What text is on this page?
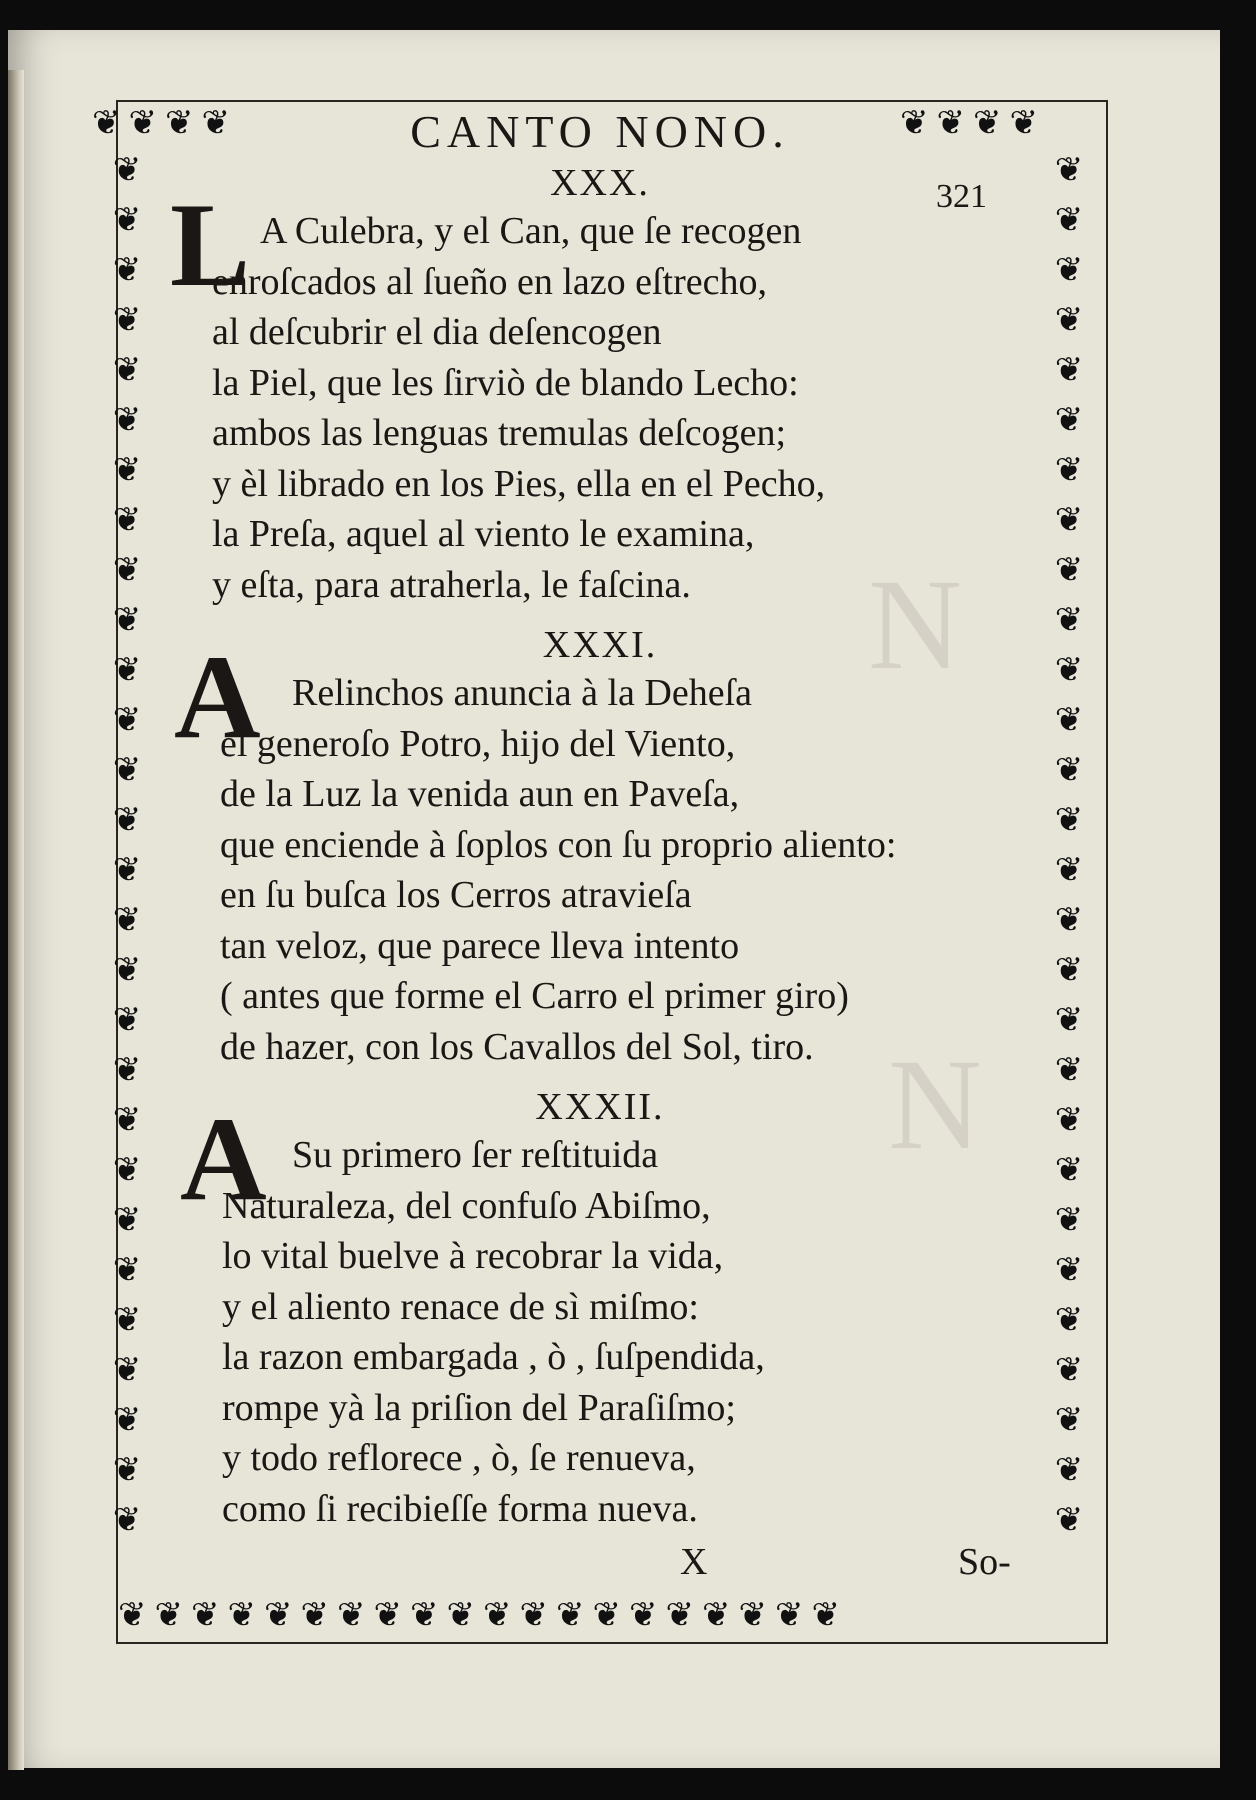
N
N
❦ ❦ ❦ ❦	❦ ❦ ❦ ❦
❦ ❦ ❦ ❦ ❦ ❦ ❦ ❦ ❦ ❦ ❦ ❦ ❦ ❦ ❦ ❦ ❦ ❦ ❦ ❦
❦
❦
❦
❦
❦
❦
❦
❦
❦
❦
❦
❦
❦
❦
❦
❦
❦
❦
❦
❦
❦
❦
❦
❦
❦
❦
❦
❦
❦
❦
❦
❦
❦
❦
❦
❦
❦
❦
❦
❦
❦
❦
❦
❦
❦
❦
❦
❦
❦
❦
❦
❦
❦
❦
❦
❦
CANTO NONO.
321
XXX.
L A Culebra, y el Can, que ſe recogen
enroſcados al ſueño en lazo eſtrecho,
al deſcubrir el dia deſencogen
la Piel, que les ſirviò de blando Lecho:
ambos las lenguas tremulas deſcogen;
y èl librado en los Pies, ella en el Pecho,
la Preſa, aquel al viento le examina,
y eſta, para atraherla, le faſcina.
XXXI.
A Relinchos anuncia à la Deheſa
el generoſo Potro, hijo del Viento,
de la Luz la venida aun en Paveſa,
que enciende à ſoplos con ſu proprio aliento:
en ſu buſca los Cerros atravieſa
tan veloz, que parece lleva intento
( antes que forme el Carro el primer giro)
de hazer, con los Cavallos del Sol, tiro.
XXXII.
A Su primero ſer reſtituida
Naturaleza, del confuſo Abiſmo,
lo vital buelve à recobrar la vida,
y el aliento renace de sì miſmo:
la razon embargada , ò , ſuſpendida,
rompe yà la priſion del Paraſiſmo;
y todo reflorece , ò, ſe renueva,
como ſi recibieſſe forma nueva.
X	So-
